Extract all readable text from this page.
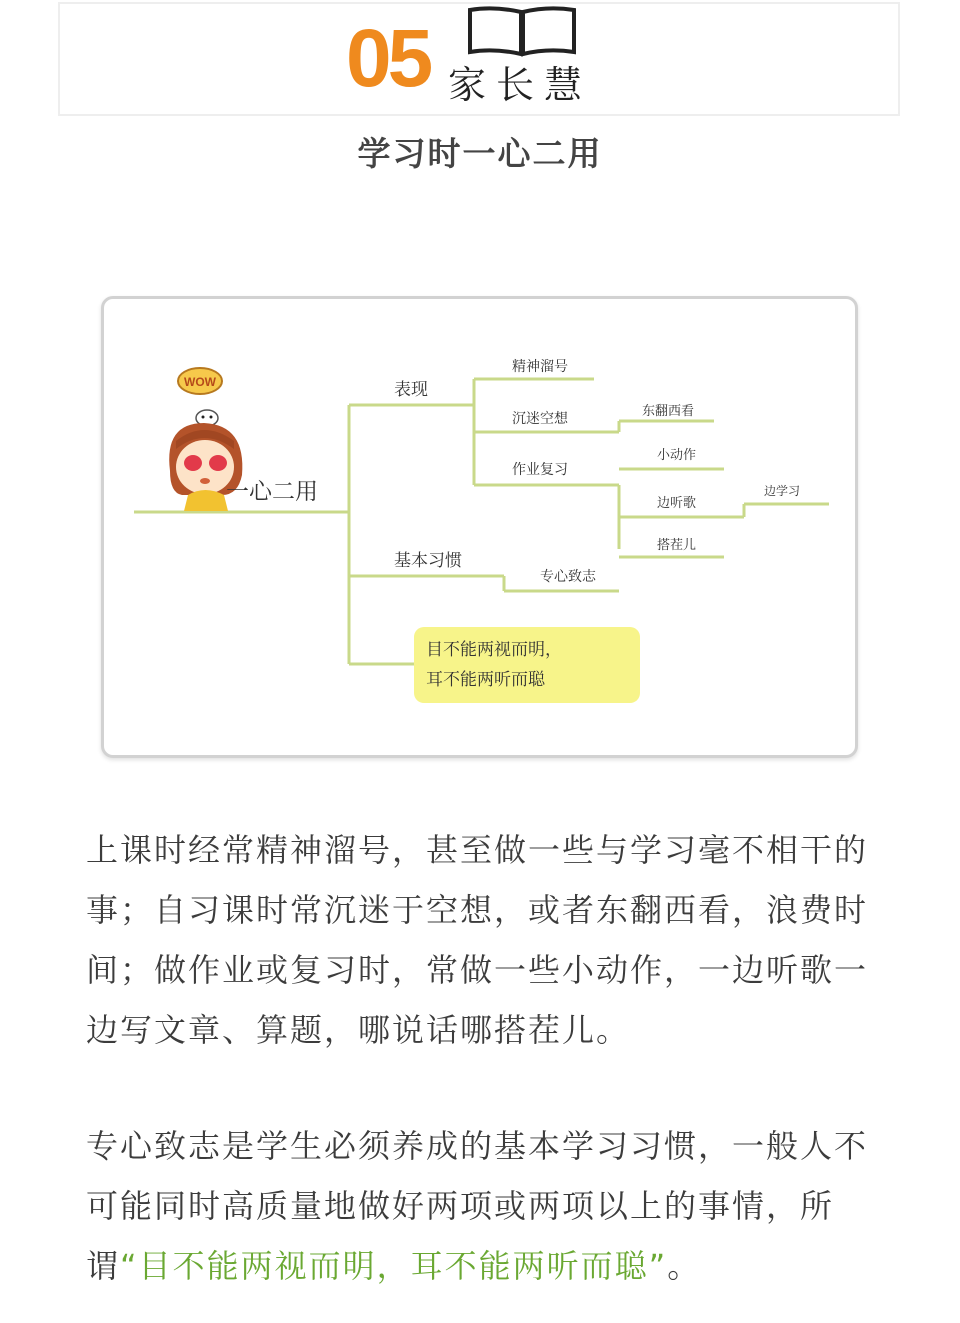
05 家长慧
学习时一心二用
WOW
一心二用
表现
精神溜号
沉迷空想
作业复习
东翻西看
小动作
边听歌
搭茬儿
边学习
基本习惯
专心致志
目不能两视而明，
耳不能两听而聪

上课时经常精神溜号，甚至做一些与学习毫不相干的事；自习课时常沉迷于空想，或者东翻西看，浪费时间；做作业或复习时，常做一些小动作，一边听歌一边写文章、算题，哪说话哪搭茬儿。

专心致志是学生必须养成的基本学习习惯，一般人不可能同时高质量地做好两项或两项以上的事情，所谓“目不能两视而明，耳不能两听而聪”。
